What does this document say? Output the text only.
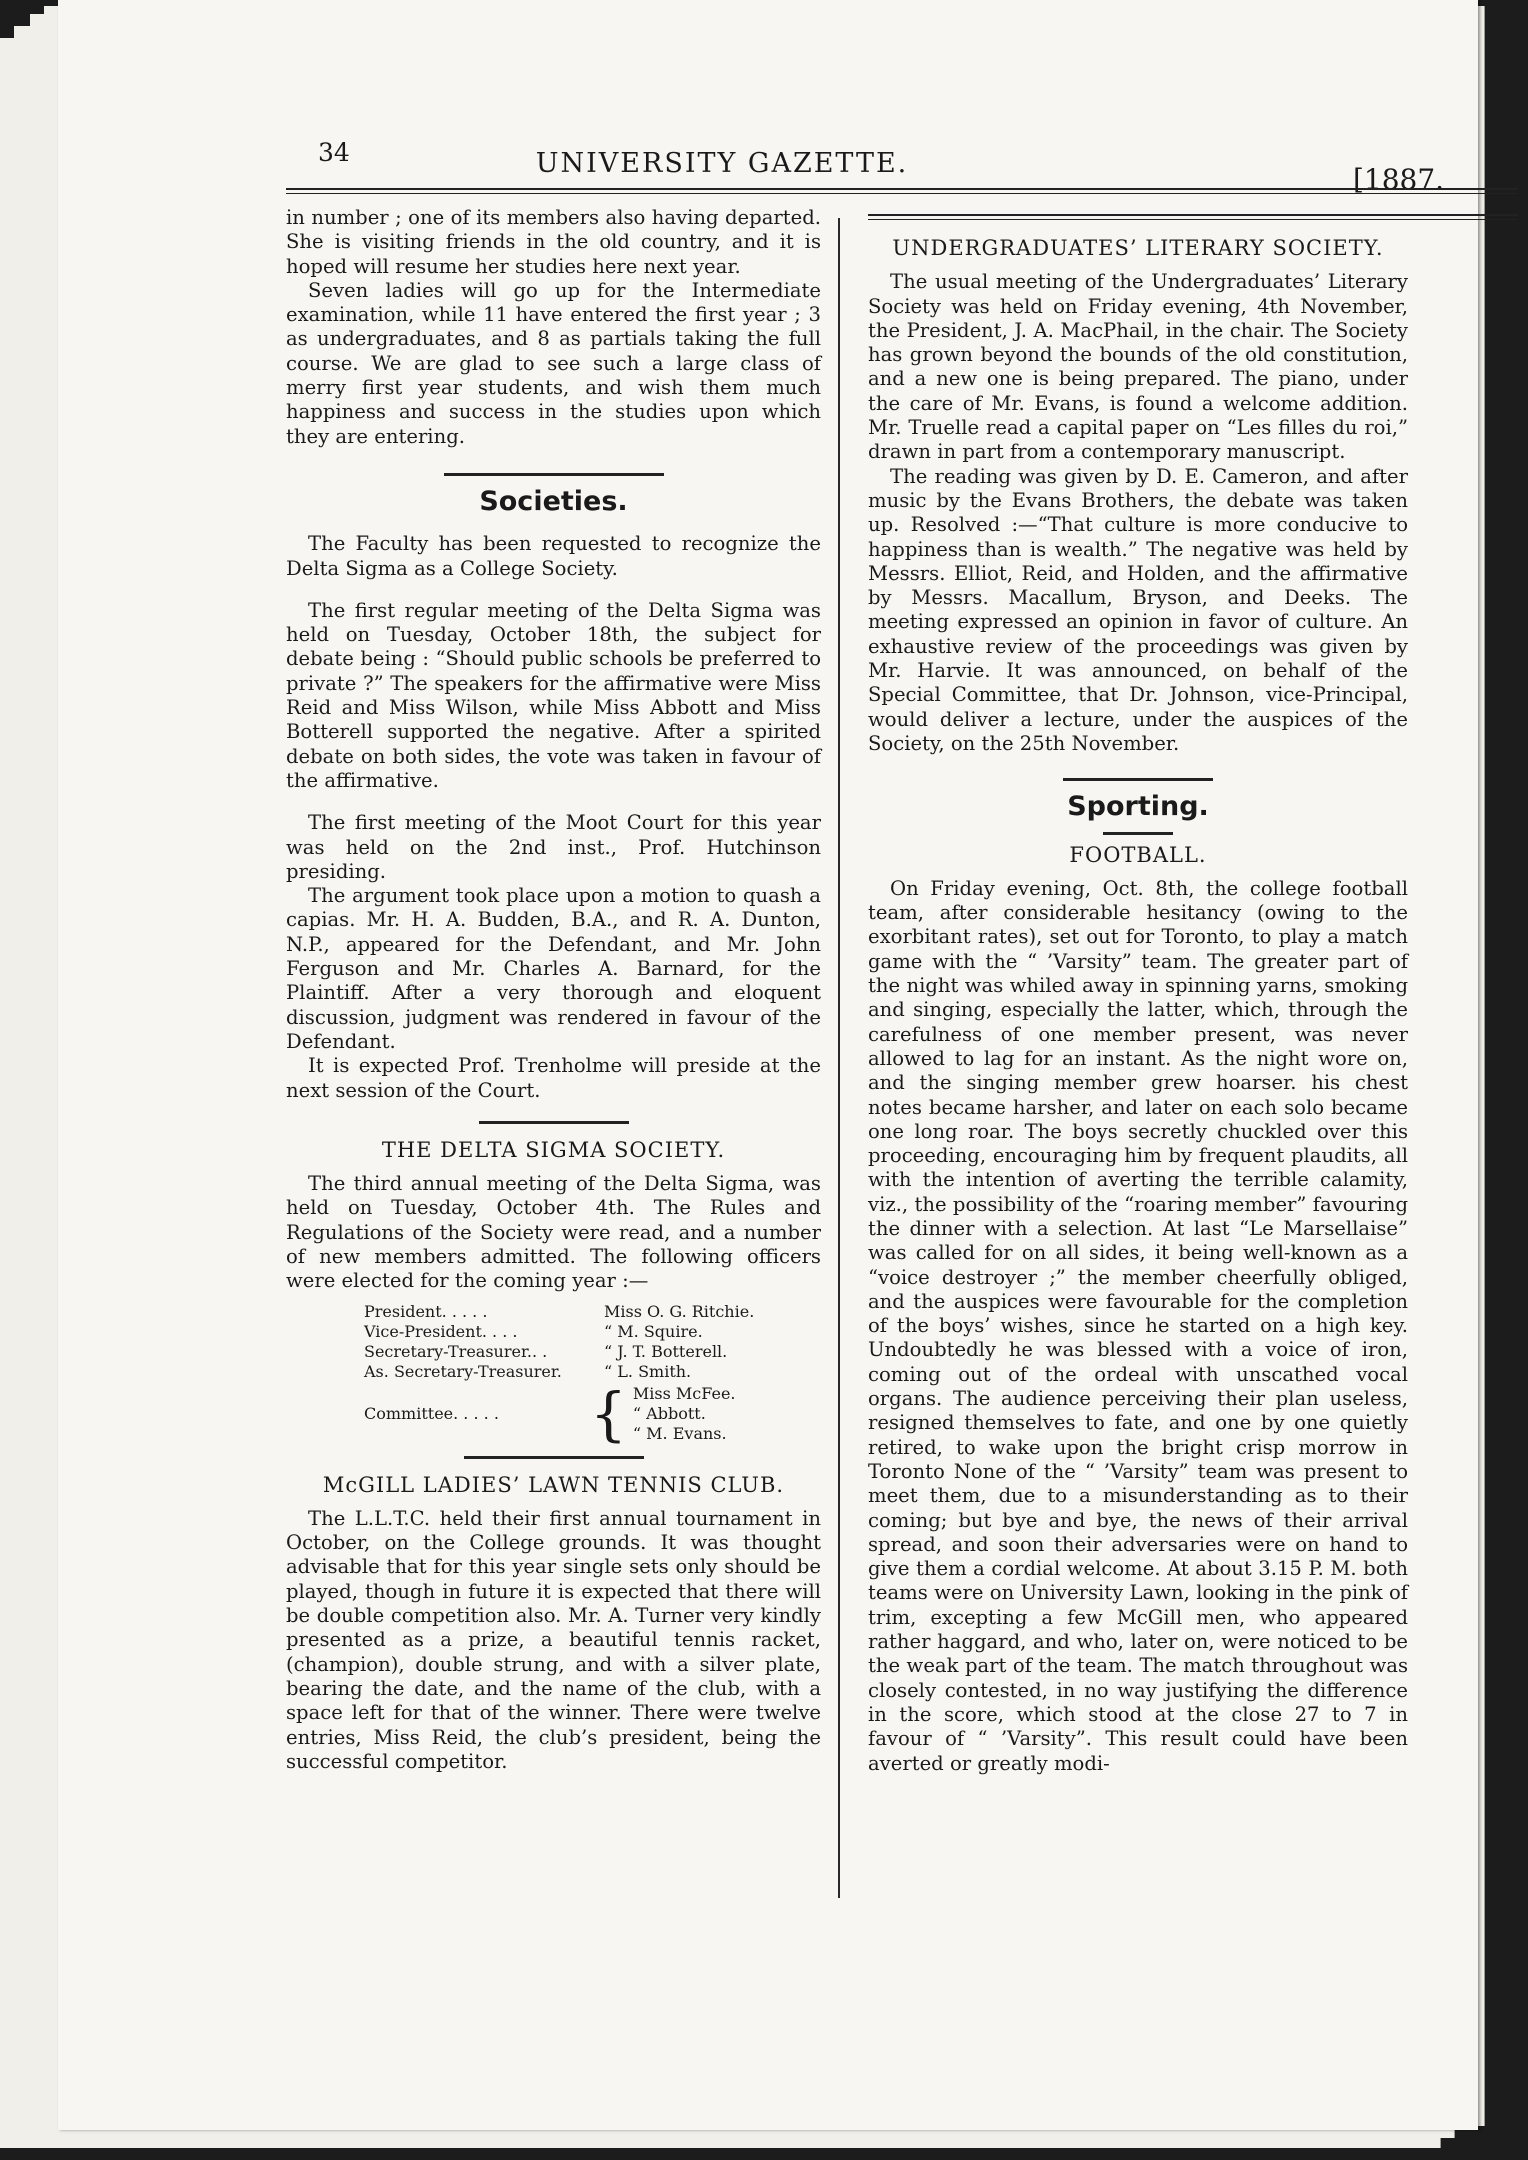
34	UNIVERSITY GAZETTE.	[1887.

in number ; one of its members also having departed. She is visiting friends in the old country, and it is hoped will resume her studies here next year.

Seven ladies will go up for the Intermediate examination, while 11 have entered the first year ; 3 as undergraduates, and 8 as partials taking the full course. We are glad to see such a large class of merry first year students, and wish them much happiness and success in the studies upon which they are entering.

Societies.

The Faculty has been requested to recognize the Delta Sigma as a College Society.

The first regular meeting of the Delta Sigma was held on Tuesday, October 18th, the subject for debate being : “Should public schools be preferred to private ?” The speakers for the affirmative were Miss Reid and Miss Wilson, while Miss Abbott and Miss Botterell supported the negative. After a spirited debate on both sides, the vote was taken in favour of the affirmative.

The first meeting of the Moot Court for this year was held on the 2nd inst., Prof. Hutchinson presiding.

The argument took place upon a motion to quash a capias. Mr. H. A. Budden, B.A., and R. A. Dunton, N.P., appeared for the Defendant, and Mr. John Ferguson and Mr. Charles A. Barnard, for the Plaintiff. After a very thorough and eloquent discussion, judgment was rendered in favour of the Defendant.

It is expected Prof. Trenholme will preside at the next session of the Court.

THE DELTA SIGMA SOCIETY.

The third annual meeting of the Delta Sigma, was held on Tuesday, October 4th. The Rules and Regulations of the Society were read, and a number of new members admitted. The following officers were elected for the coming year :—

President. . . . .	Miss O. G. Ritchie.
Vice-President. . . .	“ M. Squire.
Secretary-Treasurer.. .	“ J. T. Botterell.
As. Secretary-Treasurer.	“ L. Smith.
Committee. . . . .	{ Miss McFee.
“ Abbott.
“ M. Evans.
McGILL LADIES’ LAWN TENNIS CLUB.

The L.L.T.C. held their first annual tournament in October, on the College grounds. It was thought advisable that for this year single sets only should be played, though in future it is expected that there will be double competition also. Mr. A. Turner very kindly presented as a prize, a beautiful tennis racket, (champion), double strung, and with a silver plate, bearing the date, and the name of the club, with a space left for that of the winner. There were twelve entries, Miss Reid, the club’s president, being the successful competitor.

UNDERGRADUATES’ LITERARY SOCIETY.

The usual meeting of the Undergraduates’ Literary Society was held on Friday evening, 4th November, the President, J. A. MacPhail, in the chair. The Society has grown beyond the bounds of the old constitution, and a new one is being prepared. The piano, under the care of Mr. Evans, is found a welcome addition. Mr. Truelle read a capital paper on “Les filles du roi,” drawn in part from a contemporary manuscript.

The reading was given by D. E. Cameron, and after music by the Evans Brothers, the debate was taken up. Resolved :—“That culture is more conducive to happiness than is wealth.” The negative was held by Messrs. Elliot, Reid, and Holden, and the affirmative by Messrs. Macallum, Bryson, and Deeks. The meeting expressed an opinion in favor of culture. An exhaustive review of the proceedings was given by Mr. Harvie. It was announced, on behalf of the Special Committee, that Dr. Johnson, vice-Principal, would deliver a lecture, under the auspices of the Society, on the 25th November.

Sporting.
FOOTBALL.

On Friday evening, Oct. 8th, the college football team, after considerable hesitancy (owing to the exorbitant rates), set out for Toronto, to play a match game with the “ ’Varsity” team. The greater part of the night was whiled away in spinning yarns, smoking and singing, especially the latter, which, through the carefulness of one member present, was never allowed to lag for an instant. As the night wore on, and the singing member grew hoarser. his chest notes became harsher, and later on each solo became one long roar. The boys secretly chuckled over this proceeding, encouraging him by frequent plaudits, all with the intention of averting the terrible calamity, viz., the possibility of the “roaring member” favouring the dinner with a selection. At last “Le Marsellaise” was called for on all sides, it being well-known as a “voice destroyer ;” the member cheerfully obliged, and the auspices were favourable for the completion of the boys’ wishes, since he started on a high key. Undoubtedly he was blessed with a voice of iron, coming out of the ordeal with unscathed vocal organs. The audience perceiving their plan useless, resigned themselves to fate, and one by one quietly retired, to wake upon the bright crisp morrow in Toronto None of the “ ’Varsity” team was present to meet them, due to a misunderstanding as to their coming; but bye and bye, the news of their arrival spread, and soon their adversaries were on hand to give them a cordial welcome. At about 3.15 P. M. both teams were on University Lawn, looking in the pink of trim, excepting a few McGill men, who appeared rather haggard, and who, later on, were noticed to be the weak part of the team. The match throughout was closely contested, in no way justifying the difference in the score, which stood at the close 27 to 7 in favour of “ ’Varsity”. This result could have been averted or greatly modi-
